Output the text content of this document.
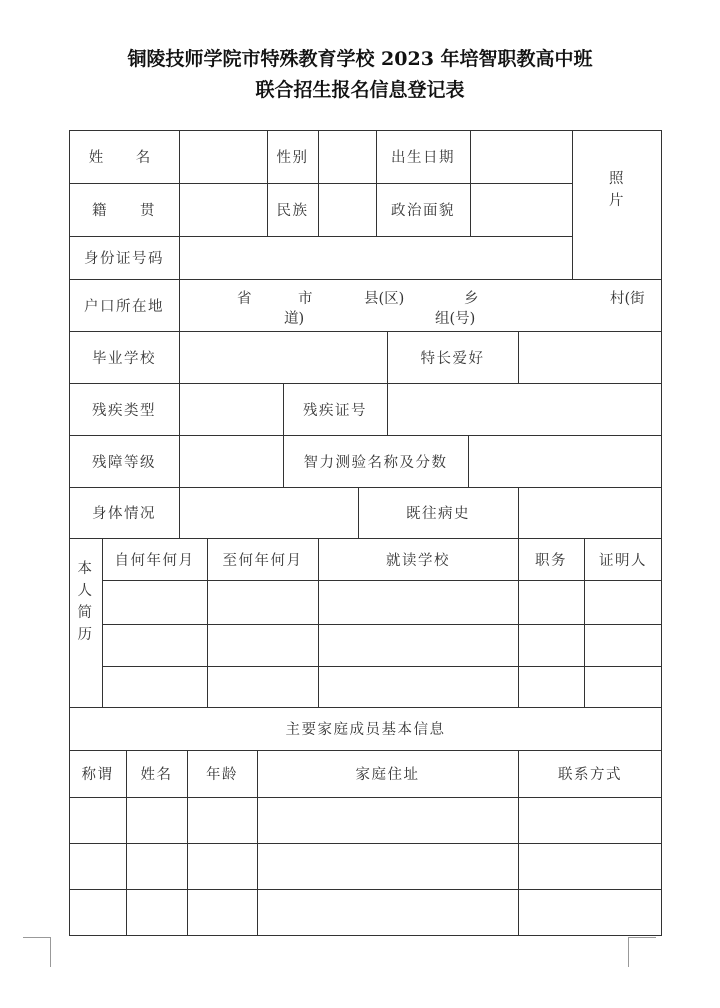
铜陵技师学院市特殊教育学校 2023 年培智职教高中班
联合招生报名信息登记表
姓　名	性别	出生日期
照
片
籍　　贯	民族	政治面貌
身份证号码
户口所在地	省	市	县(区)	乡	村(街
道)	组(号)
毕业学校	特长爱好
残疾类型	残疾证号
残障等级	智力测验名称及分数
身体情况	既往病史
本
人
简
历
自何年何月	至何年何月	就读学校	职务	证明人
主要家庭成员基本信息
称谓	姓名	年龄	家庭住址	联系方式
